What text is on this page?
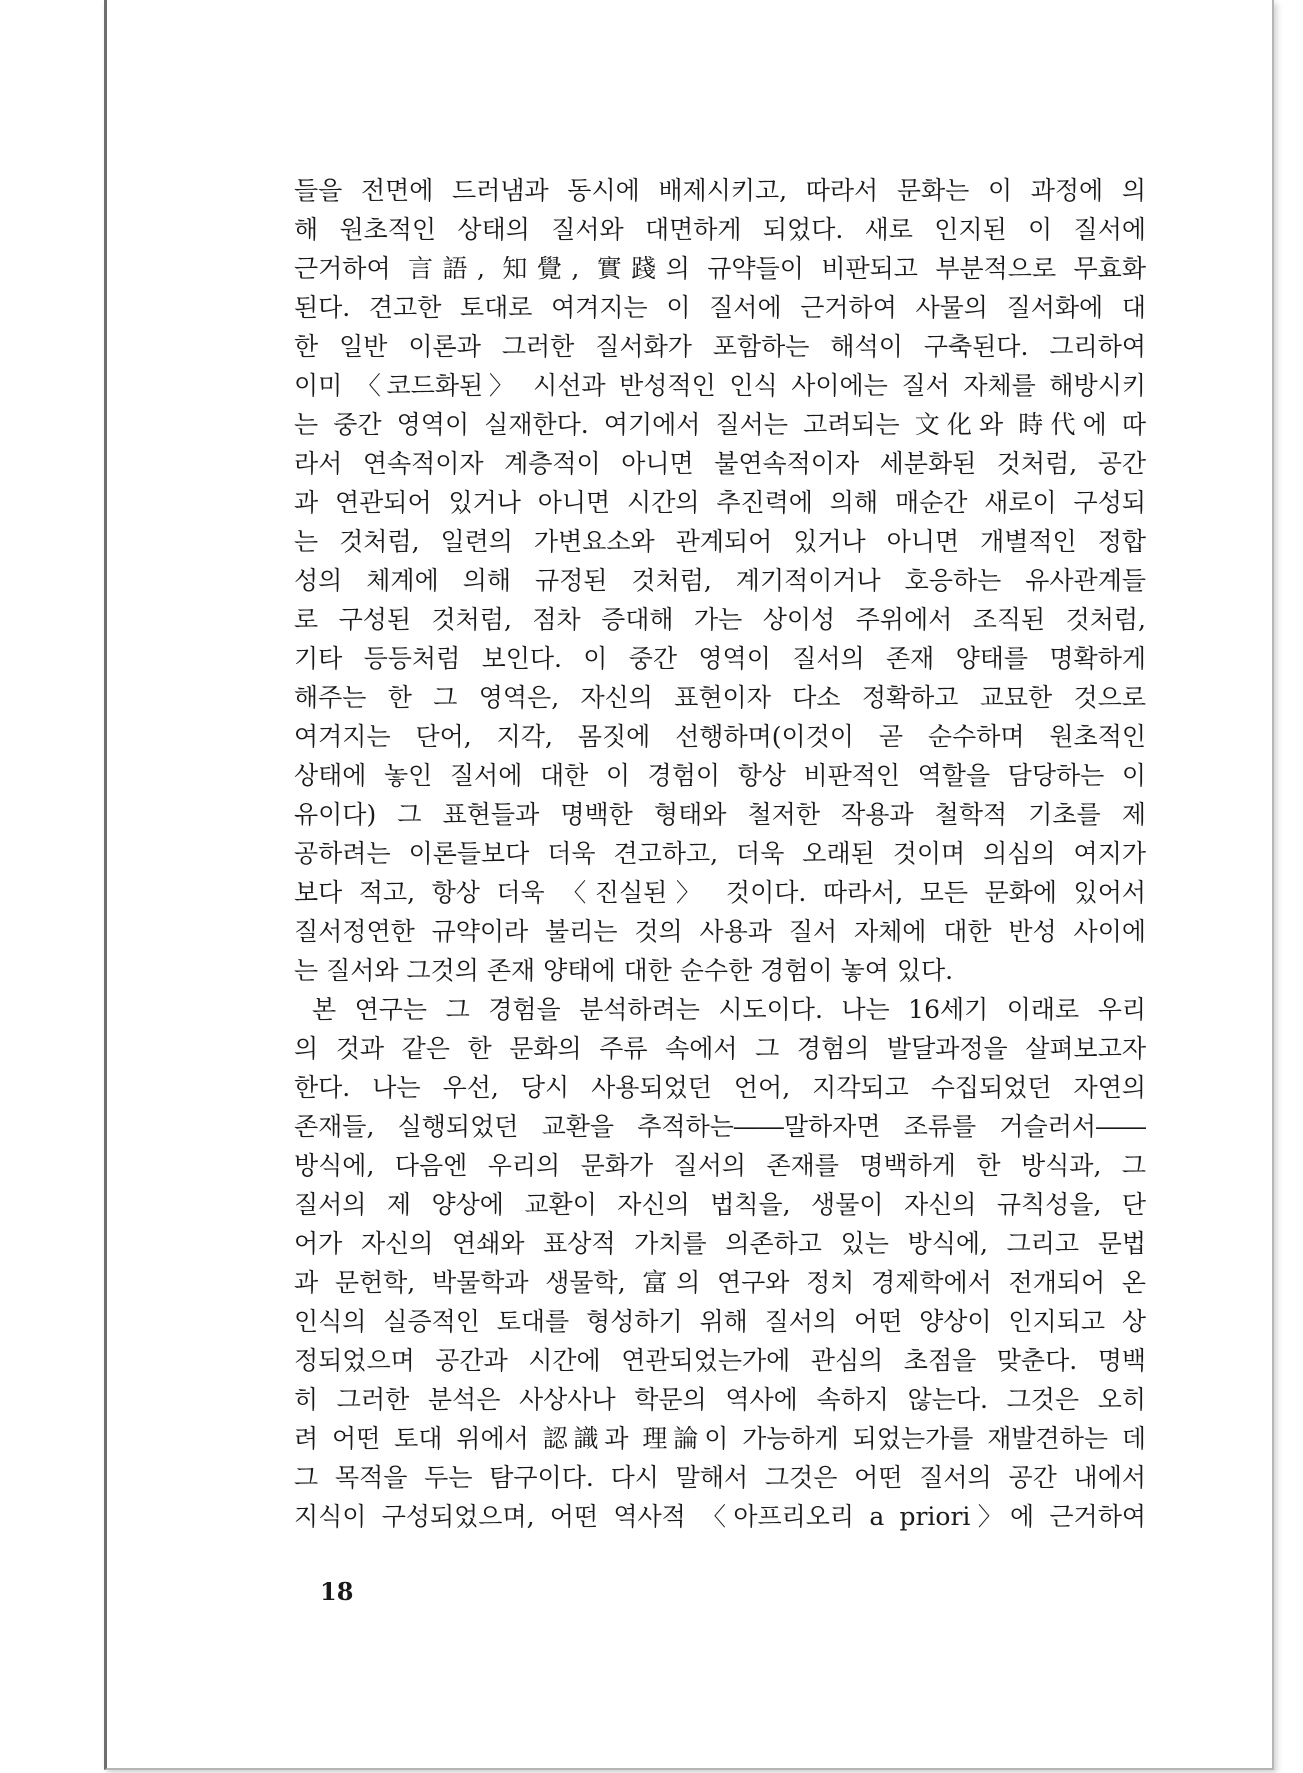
들을 전면에 드러냄과 동시에 배제시키고, 따라서 문화는 이 과정에 의
해 원초적인 상태의 질서와 대면하게 되었다. 새로 인지된 이 질서에
근거하여 言語, 知覺, 實踐의 규약들이 비판되고 부분적으로 무효화
된다. 견고한 토대로 여겨지는 이 질서에 근거하여 사물의 질서화에 대
한 일반 이론과 그러한 질서화가 포함하는 해석이 구축된다. 그리하여
이미 〈코드화된〉 시선과 반성적인 인식 사이에는 질서 자체를 해방시키
는 중간 영역이 실재한다. 여기에서 질서는 고려되는 文化와 時代에 따
라서 연속적이자 계층적이 아니면 불연속적이자 세분화된 것처럼, 공간
과 연관되어 있거나 아니면 시간의 추진력에 의해 매순간 새로이 구성되
는 것처럼, 일련의 가변요소와 관계되어 있거나 아니면 개별적인 정합
성의 체계에 의해 규정된 것처럼, 계기적이거나 호응하는 유사관계들
로 구성된 것처럼, 점차 증대해 가는 상이성 주위에서 조직된 것처럼,
기타 등등처럼 보인다. 이 중간 영역이 질서의 존재 양태를 명확하게
해주는 한 그 영역은, 자신의 표현이자 다소 정확하고 교묘한 것으로
여겨지는 단어, 지각, 몸짓에 선행하며(이것이 곧 순수하며 원초적인
상태에 놓인 질서에 대한 이 경험이 항상 비판적인 역할을 담당하는 이
유이다) 그 표현들과 명백한 형태와 철저한 작용과 철학적 기초를 제
공하려는 이론들보다 더욱 견고하고, 더욱 오래된 것이며 의심의 여지가
보다 적고, 항상 더욱 〈진실된〉 것이다. 따라서, 모든 문화에 있어서
질서정연한 규약이라 불리는 것의 사용과 질서 자체에 대한 반성 사이에
는 질서와 그것의 존재 양태에 대한 순수한 경험이 놓여 있다.
본 연구는 그 경험을 분석하려는 시도이다. 나는 16세기 이래로 우리
의 것과 같은 한 문화의 주류 속에서 그 경험의 발달과정을 살펴보고자
한다. 나는 우선, 당시 사용되었던 언어, 지각되고 수집되었던 자연의
존재들, 실행되었던 교환을 추적하는――말하자면 조류를 거슬러서――
방식에, 다음엔 우리의 문화가 질서의 존재를 명백하게 한 방식과, 그
질서의 제 양상에 교환이 자신의 법칙을, 생물이 자신의 규칙성을, 단
어가 자신의 연쇄와 표상적 가치를 의존하고 있는 방식에, 그리고 문법
과 문헌학, 박물학과 생물학, 富의 연구와 정치 경제학에서 전개되어 온
인식의 실증적인 토대를 형성하기 위해 질서의 어떤 양상이 인지되고 상
정되었으며 공간과 시간에 연관되었는가에 관심의 초점을 맞춘다. 명백
히 그러한 분석은 사상사나 학문의 역사에 속하지 않는다. 그것은 오히
려 어떤 토대 위에서 認識과 理論이 가능하게 되었는가를 재발견하는 데
그 목적을 두는 탐구이다. 다시 말해서 그것은 어떤 질서의 공간 내에서
지식이 구성되었으며, 어떤 역사적 〈아프리오리 a priori〉에 근거하여
18
